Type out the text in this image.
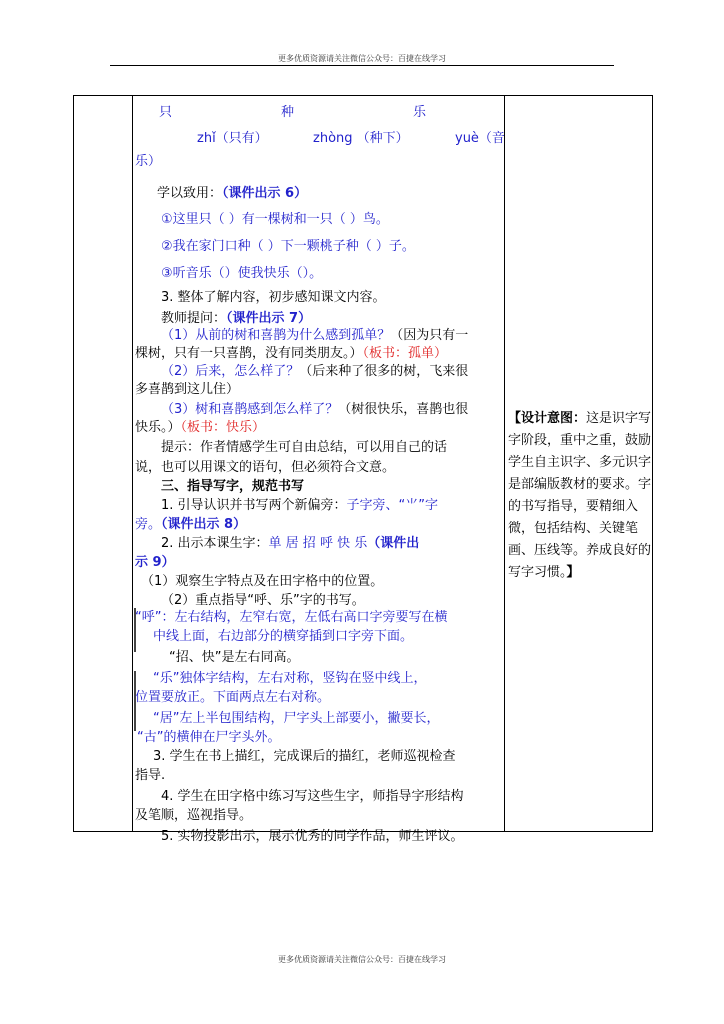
更多优质资源请关注微信公众号：百捷在线学习
只	种	乐
zhǐ（只有）	zhòng （种下）	yuè（音
乐）
学以致用：（课件出示 6）
①这里只（ ）有一棵树和一只（ ）鸟。
②我在家门口种（ ）下一颗桃子种（ ）子。
③听音乐（）使我快乐（）。
3. 整体了解内容，初步感知课文内容。
教师提问：（课件出示 7）
（1）从前的树和喜鹊为什么感到孤单？（因为只有一
棵树，只有一只喜鹊，没有同类朋友。）（板书：孤单）
（2）后来，怎么样了？（后来种了很多的树，飞来很
多喜鹊到这儿住）
（3）树和喜鹊感到怎么样了？（树很快乐，喜鹊也很
快乐。）（板书：快乐）
提示：作者情感学生可自由总结，可以用自己的话
说，也可以用课文的语句，但必须符合文意。
三、指导写字，规范书写
1. 引导认识并书写两个新偏旁：子字旁、“⺌”字
旁。（课件出示 8）
2. 出示本课生字：单 居 招 呼 快 乐（课件出
示 9）
（1）观察生字特点及在田字格中的位置。
（2）重点指导“呼、乐”字的书写。
“呼”：左右结构，左窄右宽，左低右高口字旁要写在横
中线上面，右边部分的横穿插到口字旁下面。
“招、快”是左右同高。
“乐”独体字结构，左右对称，竖钩在竖中线上，
位置要放正。下面两点左右对称。
“居”左上半包围结构，尸字头上部要小，撇要长，
“古”的横伸在尸字头外。
3. 学生在书上描红，完成课后的描红，老师巡视检查
指导.
4. 学生在田字格中练习写这些生字，师指导字形结构
及笔顺，巡视指导。
5. 实物投影出示，展示优秀的同学作品，师生评议。
【设计意图：这是识字写字阶段，重中之重，鼓励学生自主识字、多元识字是部编版教材的要求。字的书写指导，要精细入微，包括结构、关键笔画、压线等。养成良好的写字习惯。】
更多优质资源请关注微信公众号：百捷在线学习
